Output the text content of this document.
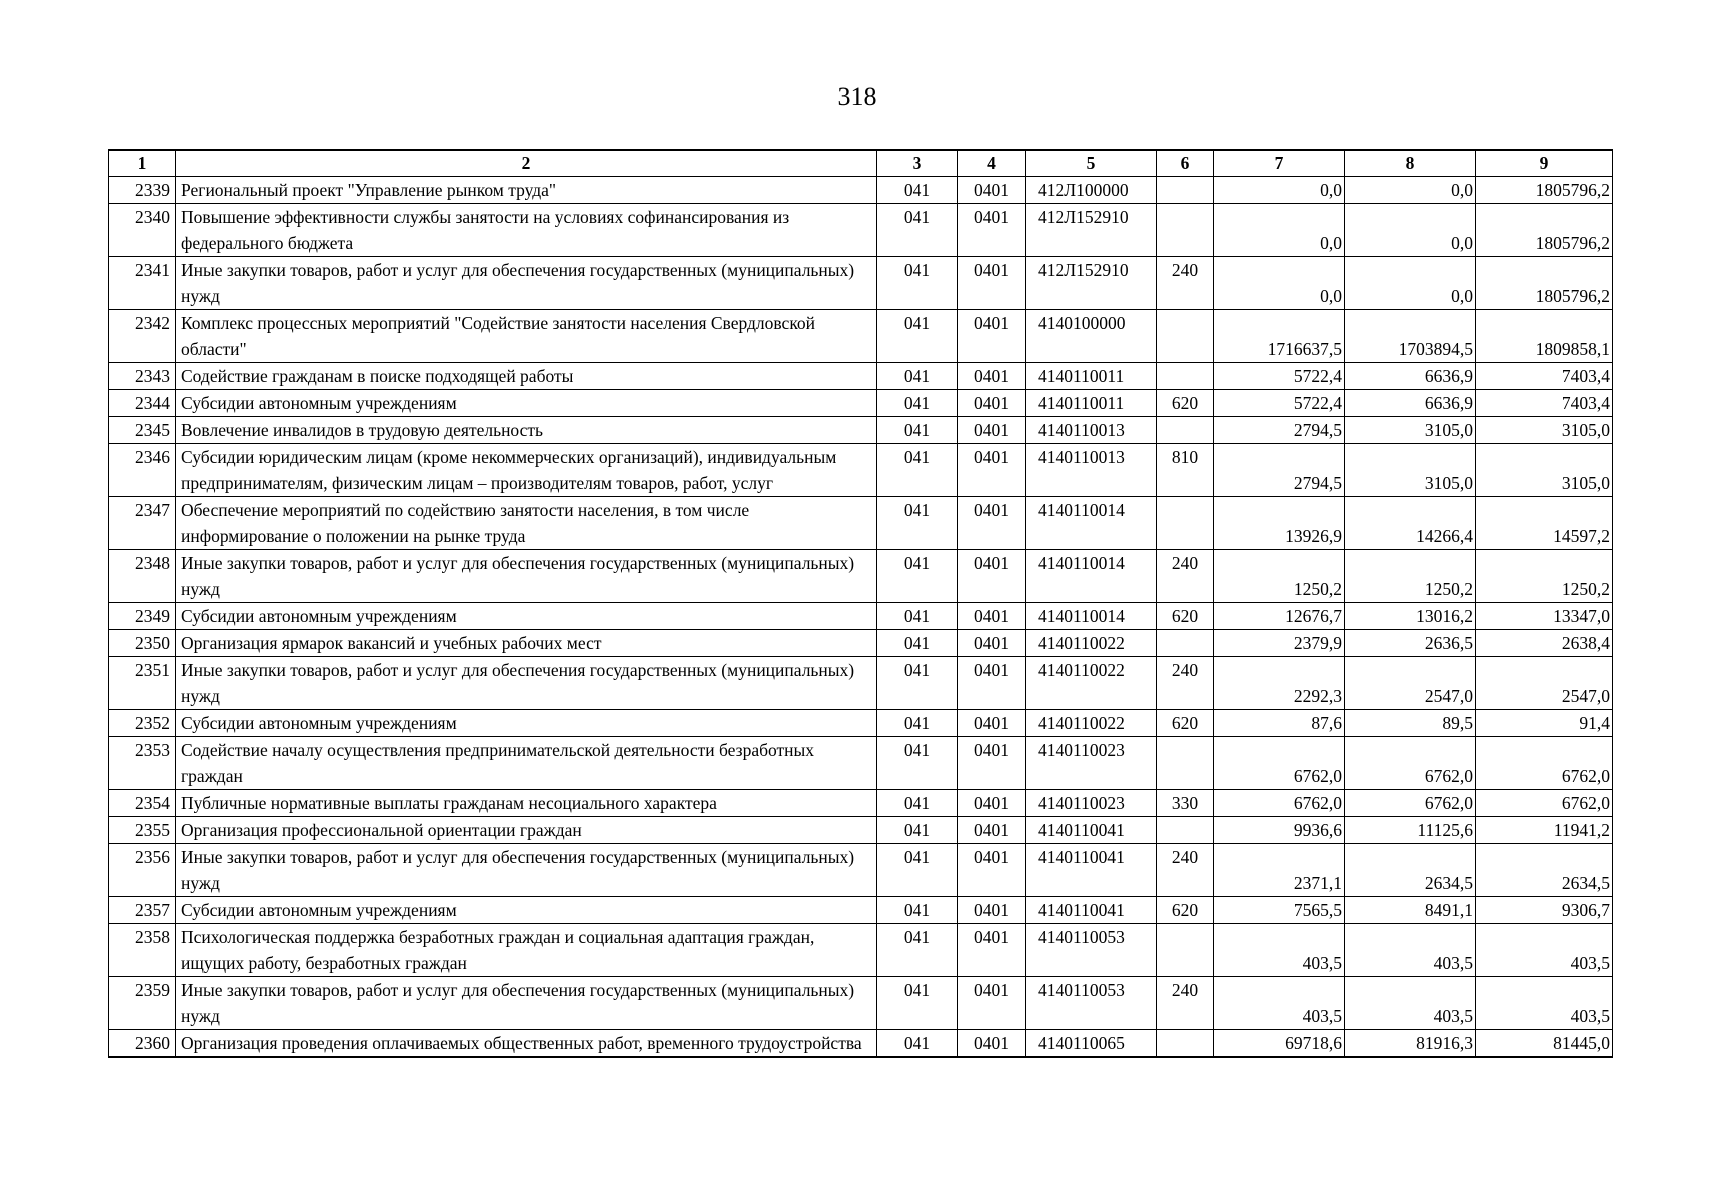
318
1	2	3	4	5	6	7	8	9
2339	Региональный проект "Управление рынком труда"	041	0401	412Л100000		0,0	0,0	1805796,2
2340	Повышение эффективности службы занятости на условиях софинансирования из федерального бюджета	041	0401	412Л152910		0,0	0,0	1805796,2
2341	Иные закупки товаров, работ и услуг для обеспечения государственных (муниципальных) нужд	041	0401	412Л152910	240	0,0	0,0	1805796,2
2342	Комплекс процессных мероприятий "Содействие занятости населения Свердловской области"	041	0401	4140100000		1716637,5	1703894,5	1809858,1
2343	Содействие гражданам в поиске подходящей работы	041	0401	4140110011		5722,4	6636,9	7403,4
2344	Субсидии автономным учреждениям	041	0401	4140110011	620	5722,4	6636,9	7403,4
2345	Вовлечение инвалидов в трудовую деятельность	041	0401	4140110013		2794,5	3105,0	3105,0
2346	Субсидии юридическим лицам (кроме некоммерческих организаций), индивидуальным предпринимателям, физическим лицам – производителям товаров, работ, услуг	041	0401	4140110013	810	2794,5	3105,0	3105,0
2347	Обеспечение мероприятий по содействию занятости населения, в том числе информирование о положении на рынке труда	041	0401	4140110014		13926,9	14266,4	14597,2
2348	Иные закупки товаров, работ и услуг для обеспечения государственных (муниципальных) нужд	041	0401	4140110014	240	1250,2	1250,2	1250,2
2349	Субсидии автономным учреждениям	041	0401	4140110014	620	12676,7	13016,2	13347,0
2350	Организация ярмарок вакансий и учебных рабочих мест	041	0401	4140110022		2379,9	2636,5	2638,4
2351	Иные закупки товаров, работ и услуг для обеспечения государственных (муниципальных) нужд	041	0401	4140110022	240	2292,3	2547,0	2547,0
2352	Субсидии автономным учреждениям	041	0401	4140110022	620	87,6	89,5	91,4
2353	Содействие началу осуществления предпринимательской деятельности безработных граждан	041	0401	4140110023		6762,0	6762,0	6762,0
2354	Публичные нормативные выплаты гражданам несоциального характера	041	0401	4140110023	330	6762,0	6762,0	6762,0
2355	Организация профессиональной ориентации граждан	041	0401	4140110041		9936,6	11125,6	11941,2
2356	Иные закупки товаров, работ и услуг для обеспечения государственных (муниципальных) нужд	041	0401	4140110041	240	2371,1	2634,5	2634,5
2357	Субсидии автономным учреждениям	041	0401	4140110041	620	7565,5	8491,1	9306,7
2358	Психологическая поддержка безработных граждан и социальная адаптация граждан, ищущих работу, безработных граждан	041	0401	4140110053		403,5	403,5	403,5
2359	Иные закупки товаров, работ и услуг для обеспечения государственных (муниципальных) нужд	041	0401	4140110053	240	403,5	403,5	403,5
2360	Организация проведения оплачиваемых общественных работ, временного трудоустройства	041	0401	4140110065		69718,6	81916,3	81445,0
